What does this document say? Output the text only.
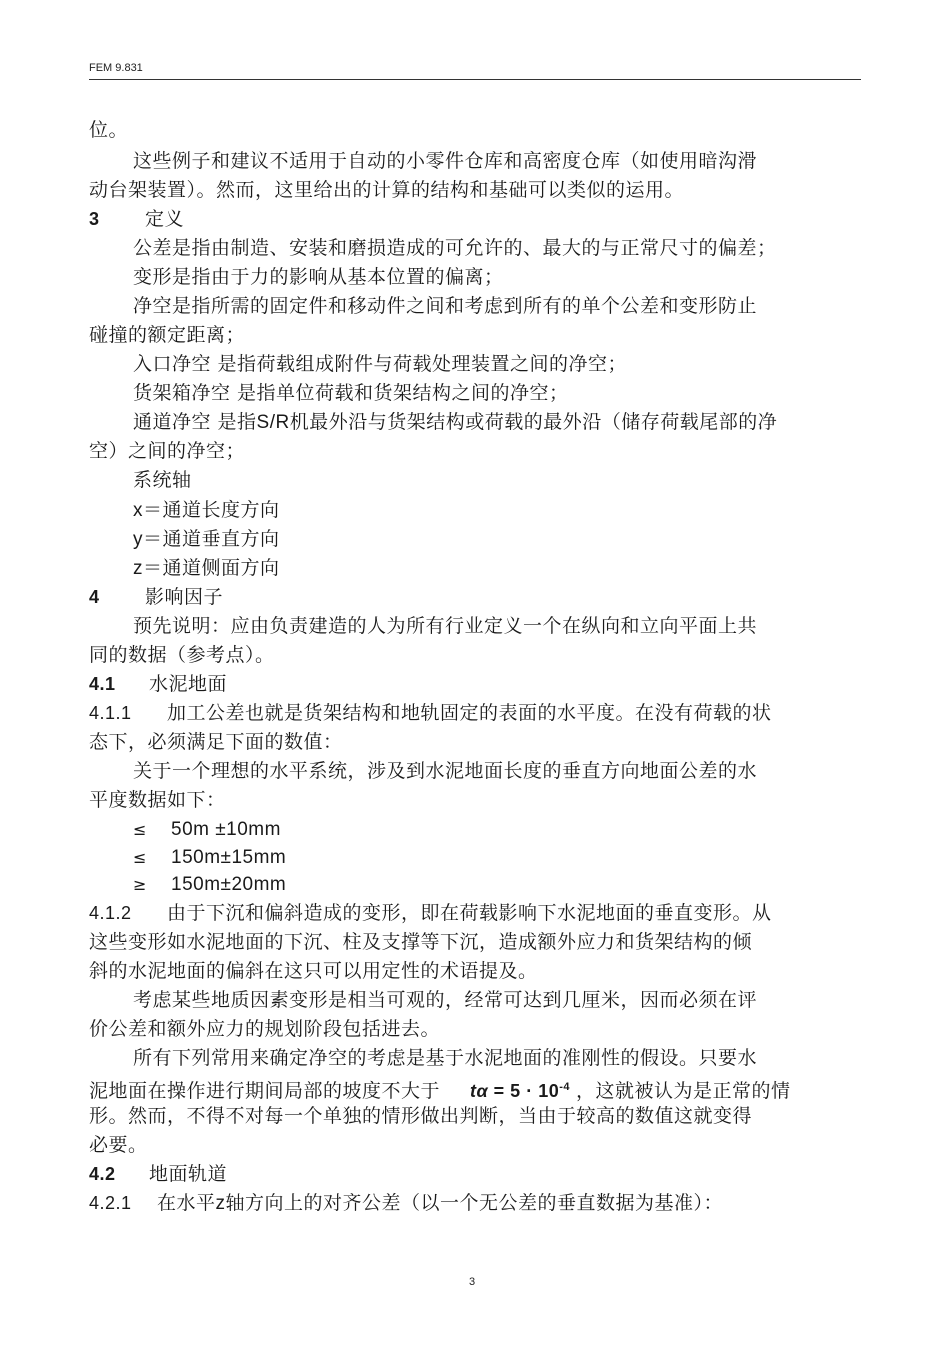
FEM 9.831
位。
这些例子和建议不适用于自动的小零件仓库和高密度仓库（如使用暗沟滑
动台架装置）。然而，这里给出的计算的结构和基础可以类似的运用。
3 定义
公差是指由制造、安装和磨损造成的可允许的、最大的与正常尺寸的偏差；
变形是指由于力的影响从基本位置的偏离；
净空是指所需的固定件和移动件之间和考虑到所有的单个公差和变形防止
碰撞的额定距离；
入口净空 是指荷载组成附件与荷载处理装置之间的净空；
货架箱净空 是指单位荷载和货架结构之间的净空；
通道净空 是指S/R机最外沿与货架结构或荷载的最外沿（储存荷载尾部的净
空）之间的净空；
系统轴
x＝通道长度方向
y＝通道垂直方向
z＝通道侧面方向
4 影响因子
预先说明：应由负责建造的人为所有行业定义一个在纵向和立向平面上共
同的数据（参考点）。
4.1 水泥地面
4.1.1 加工公差也就是货架结构和地轨固定的表面的水平度。在没有荷载的状
态下，必须满足下面的数值：
关于一个理想的水平系统，涉及到水泥地面长度的垂直方向地面公差的水
平度数据如下：
≤ 50m ±10mm
≤ 150m±15mm
≥ 150m±20mm
4.1.2 由于下沉和偏斜造成的变形，即在荷载影响下水泥地面的垂直变形。从
这些变形如水泥地面的下沉、柱及支撑等下沉，造成额外应力和货架结构的倾
斜的水泥地面的偏斜在这只可以用定性的术语提及。
考虑某些地质因素变形是相当可观的，经常可达到几厘米，因而必须在评
价公差和额外应力的规划阶段包括进去。
所有下列常用来确定净空的考虑是基于水泥地面的准刚性的假设。只要水
泥地面在操作进行期间局部的坡度不大于 $t\alpha = 5 \cdot 10^{-4}$ ，这就被认为是正常的情
形。然而，不得不对每一个单独的情形做出判断，当由于较高的数值这就变得
必要。
4.2 地面轨道
4.2.1 在水平z轴方向上的对齐公差（以一个无公差的垂直数据为基准）：
3
